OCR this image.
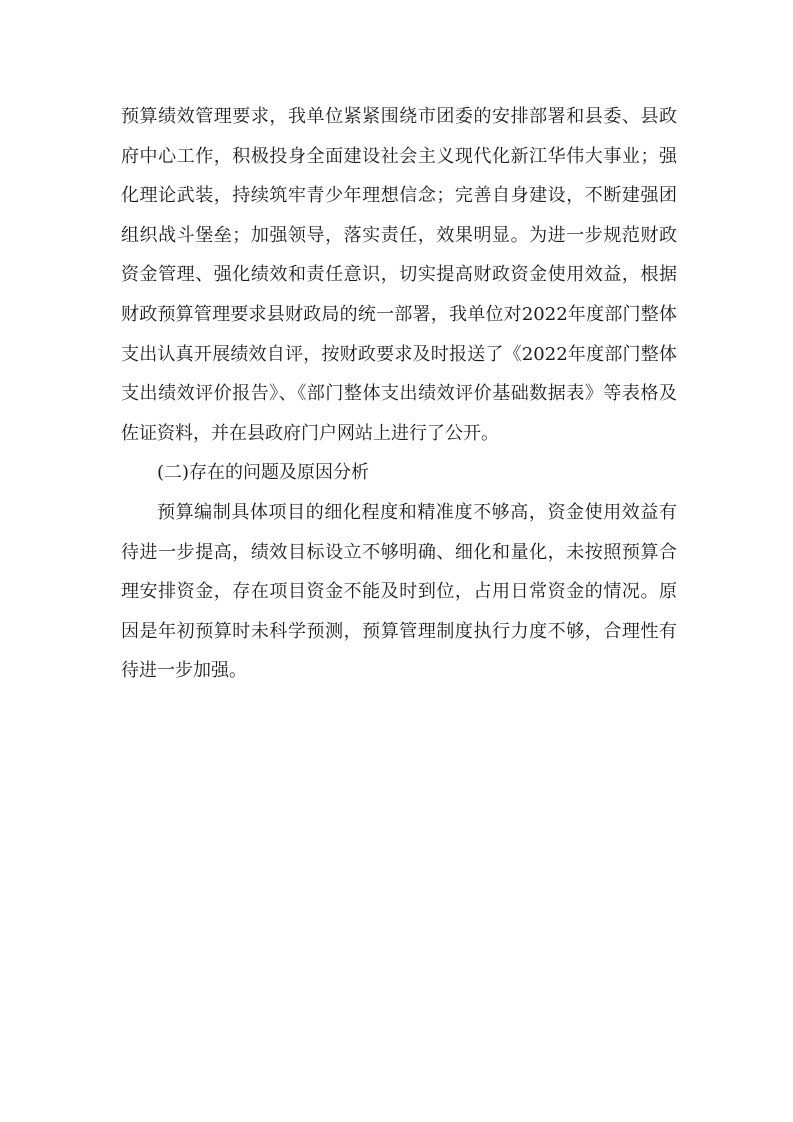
预算绩效管理要求，我单位紧紧围绕市团委的安排部署和县委、县政府中心工作，积极投身全面建设社会主义现代化新江华伟大事业；强化理论武装，持续筑牢青少年理想信念；完善自身建设，不断建强团组织战斗堡垒；加强领导，落实责任，效果明显。为进一步规范财政资金管理、强化绩效和责任意识，切实提高财政资金使用效益，根据财政预算管理要求县财政局的统一部署，我单位对2022年度部门整体支出认真开展绩效自评，按财政要求及时报送了《2022年度部门整体支出绩效评价报告》、《部门整体支出绩效评价基础数据表》等表格及佐证资料，并在县政府门户网站上进行了公开。

(二)存在的问题及原因分析

预算编制具体项目的细化程度和精准度不够高，资金使用效益有待进一步提高，绩效目标设立不够明确、细化和量化，未按照预算合理安排资金，存在项目资金不能及时到位，占用日常资金的情况。原因是年初预算时未科学预测，预算管理制度执行力度不够，合理性有待进一步加强。
